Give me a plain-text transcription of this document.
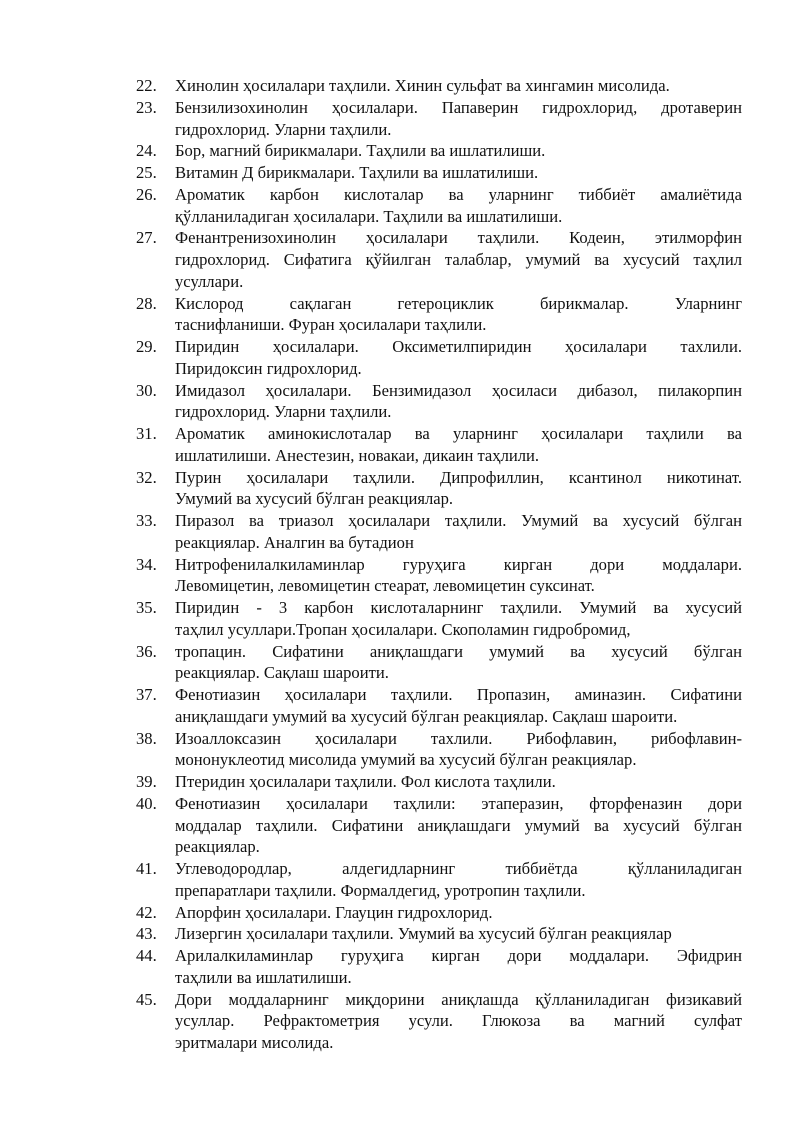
22.	Хинолин ҳосилалари таҳлили. Хинин сульфат ва хингамин мисолида.
23.	Бензилизохинолин ҳосилалари. Папаверин гидрохлорид, дротаверин
гидрохлорид. Уларни таҳлили.
24.	Бор, магний бирикмалари. Таҳлили ва ишлатилиши.
25.	Витамин Д бирикмалари. Таҳлили ва ишлатилиши.
26.	Ароматик карбон кислоталар ва уларнинг тиббиёт амалиётида
қўлланиладиган ҳосилалари. Таҳлили ва ишлатилиши.
27.	Фенантренизохинолин ҳосилалари таҳлили. Кодеин, этилморфин
гидрохлорид. Сифатига қўйилган талаблар, умумий ва хусусий таҳлил
усуллари.
28.	Кислород сақлаган гетероциклик бирикмалар. Уларнинг
таснифланиши. Фуран ҳосилалари таҳлили.
29.	Пиридин ҳосилалари. Оксиметилпиридин ҳосилалари тахлили.
Пиридоксин гидрохлорид.
30.	Имидазол ҳосилалари. Бензимидазол ҳосиласи дибазол, пилакорпин
гидрохлорид. Уларни таҳлили.
31.	Ароматик аминокислоталар ва уларнинг ҳосилалари таҳлили ва
ишлатилиши. Анестезин, новакаи, дикаин таҳлили.
32.	Пурин ҳосилалари таҳлили. Дипрофиллин, ксантинол никотинат.
Умумий ва хусусий бўлган реакциялар.
33.	Пиразол ва триазол ҳосилалари таҳлили. Умумий ва хусусий бўлган
реакциялар. Аналгин ва бутадион
34.	Нитрофенилалкиламинлар гуруҳига кирган дори моддалари.
Левомицетин, левомицетин стеарат, левомицетин суксинат.
35.	Пиридин - 3 карбон кислоталарнинг таҳлили. Умумий ва хусусий
таҳлил усуллари.Тропан ҳосилалари. Скополамин гидробромид,
36.	тропацин. Сифатини аниқлашдаги умумий ва хусусий бўлган
реакциялар. Сақлаш шароити.
37.	Фенотиазин ҳосилалари таҳлили. Пропазин, аминазин. Сифатини
аниқлашдаги умумий ва хусусий бўлган реакциялар. Сақлаш шароити.
38.	Изоаллоксазин ҳосилалари тахлили. Рибофлавин, рибофлавин-
мононуклеотид мисолида умумий ва хусусий бўлган реакциялар.
39.	Птеридин ҳосилалари таҳлили. Фол кислота таҳлили.
40.	Фенотиазин ҳосилалари таҳлили: этаперазин, фторфеназин дори
моддалар таҳлили. Сифатини аниқлашдаги умумий ва хусусий бўлган
реакциялар.
41.	Углеводородлар, алдегидларнинг тиббиётда қўлланиладиган
препаратлари таҳлили. Формалдегид, уротропин таҳлили.
42.	Апорфин ҳосилалари. Глауцин гидрохлорид.
43.	Лизергин ҳосилалари таҳлили. Умумий ва хусусий бўлган реакциялар
44.	Арилалкиламинлар гуруҳига кирган дори моддалари. Эфидрин
таҳлили ва ишлатилиши.
45.	Дори моддаларнинг миқдорини аниқлашда қўлланиладиган физикавий
усуллар. Рефрактометрия усули. Глюкоза ва магний сулфат
эритмалари мисолида.
